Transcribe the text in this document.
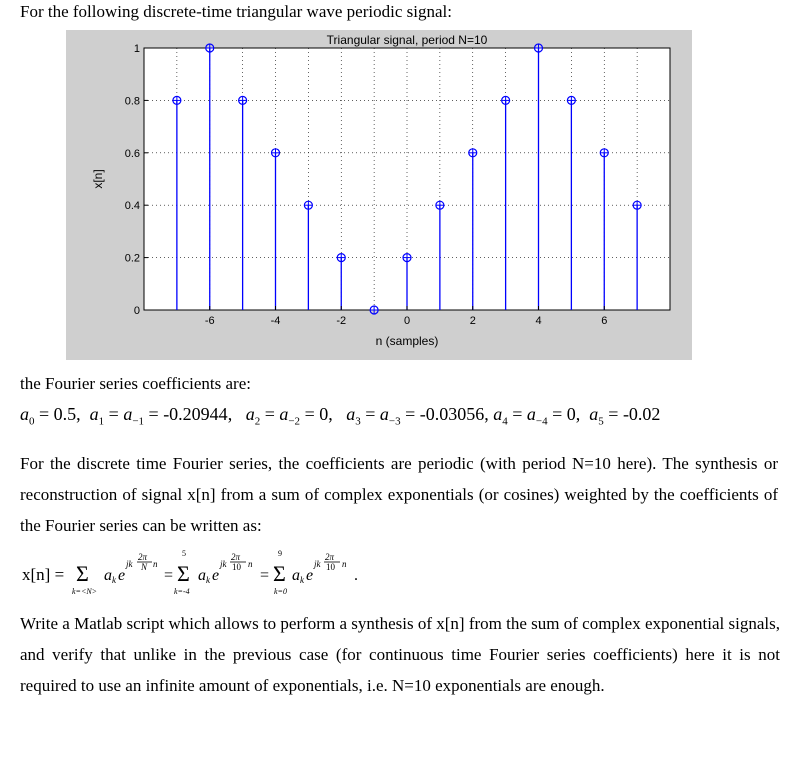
For the following discrete-time triangular wave periodic signal:

-6	-4	-2	0	2	4	6
0
0.2
0.4
0.6
0.8
1
Triangular signal, period N=10
n (samples)
x[n]

the Fourier series coefficients are:

$a_0 = 0.5$,  $a_1 = a_{-1} = -0.20944$,   $a_2 = a_{-2} = 0$,   $a_3 = a_{-3} = -0.03056$, $a_4 = a_{-4} = 0$,  $a_5 = -0.02$

For the discrete time Fourier series, the coefficients are periodic (with period N=10 here). The synthesis or reconstruction of signal x[n] from a sum of complex exponentials (or cosines) weighted by the coefficients of the Fourier series can be written as:

x[n] = Σ
k=<N>
a k e
jk
2π
N n
=
5
Σ
k=-4
a k e
jk
2π
10 n
=
9
Σ
k=0
a k e
jk
2π
10 n
.

Write a Matlab script which allows to perform a synthesis of x[n] from the sum of complex exponential signals, and verify that unlike in the previous case (for continuous time Fourier series coefficients) here it is not required to use an infinite amount of exponentials, i.e. N=10 exponentials are enough.
